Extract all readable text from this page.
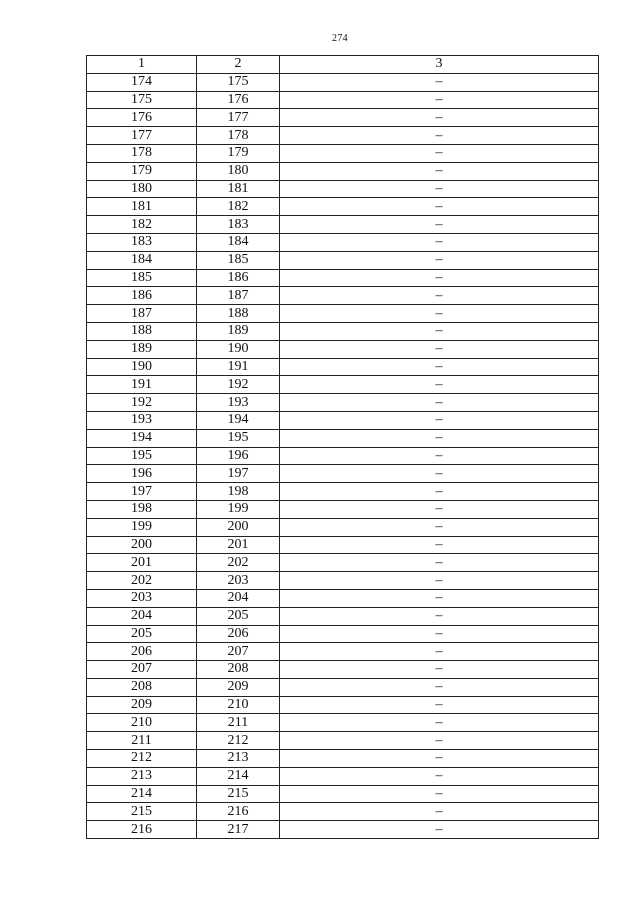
274
1	2	3
174	175	–
175	176	–
176	177	–
177	178	–
178	179	–
179	180	–
180	181	–
181	182	–
182	183	–
183	184	–
184	185	–
185	186	–
186	187	–
187	188	–
188	189	–
189	190	–
190	191	–
191	192	–
192	193	–
193	194	–
194	195	–
195	196	–
196	197	–
197	198	–
198	199	–
199	200	–
200	201	–
201	202	–
202	203	–
203	204	–
204	205	–
205	206	–
206	207	–
207	208	–
208	209	–
209	210	–
210	211	–
211	212	–
212	213	–
213	214	–
214	215	–
215	216	–
216	217	–
